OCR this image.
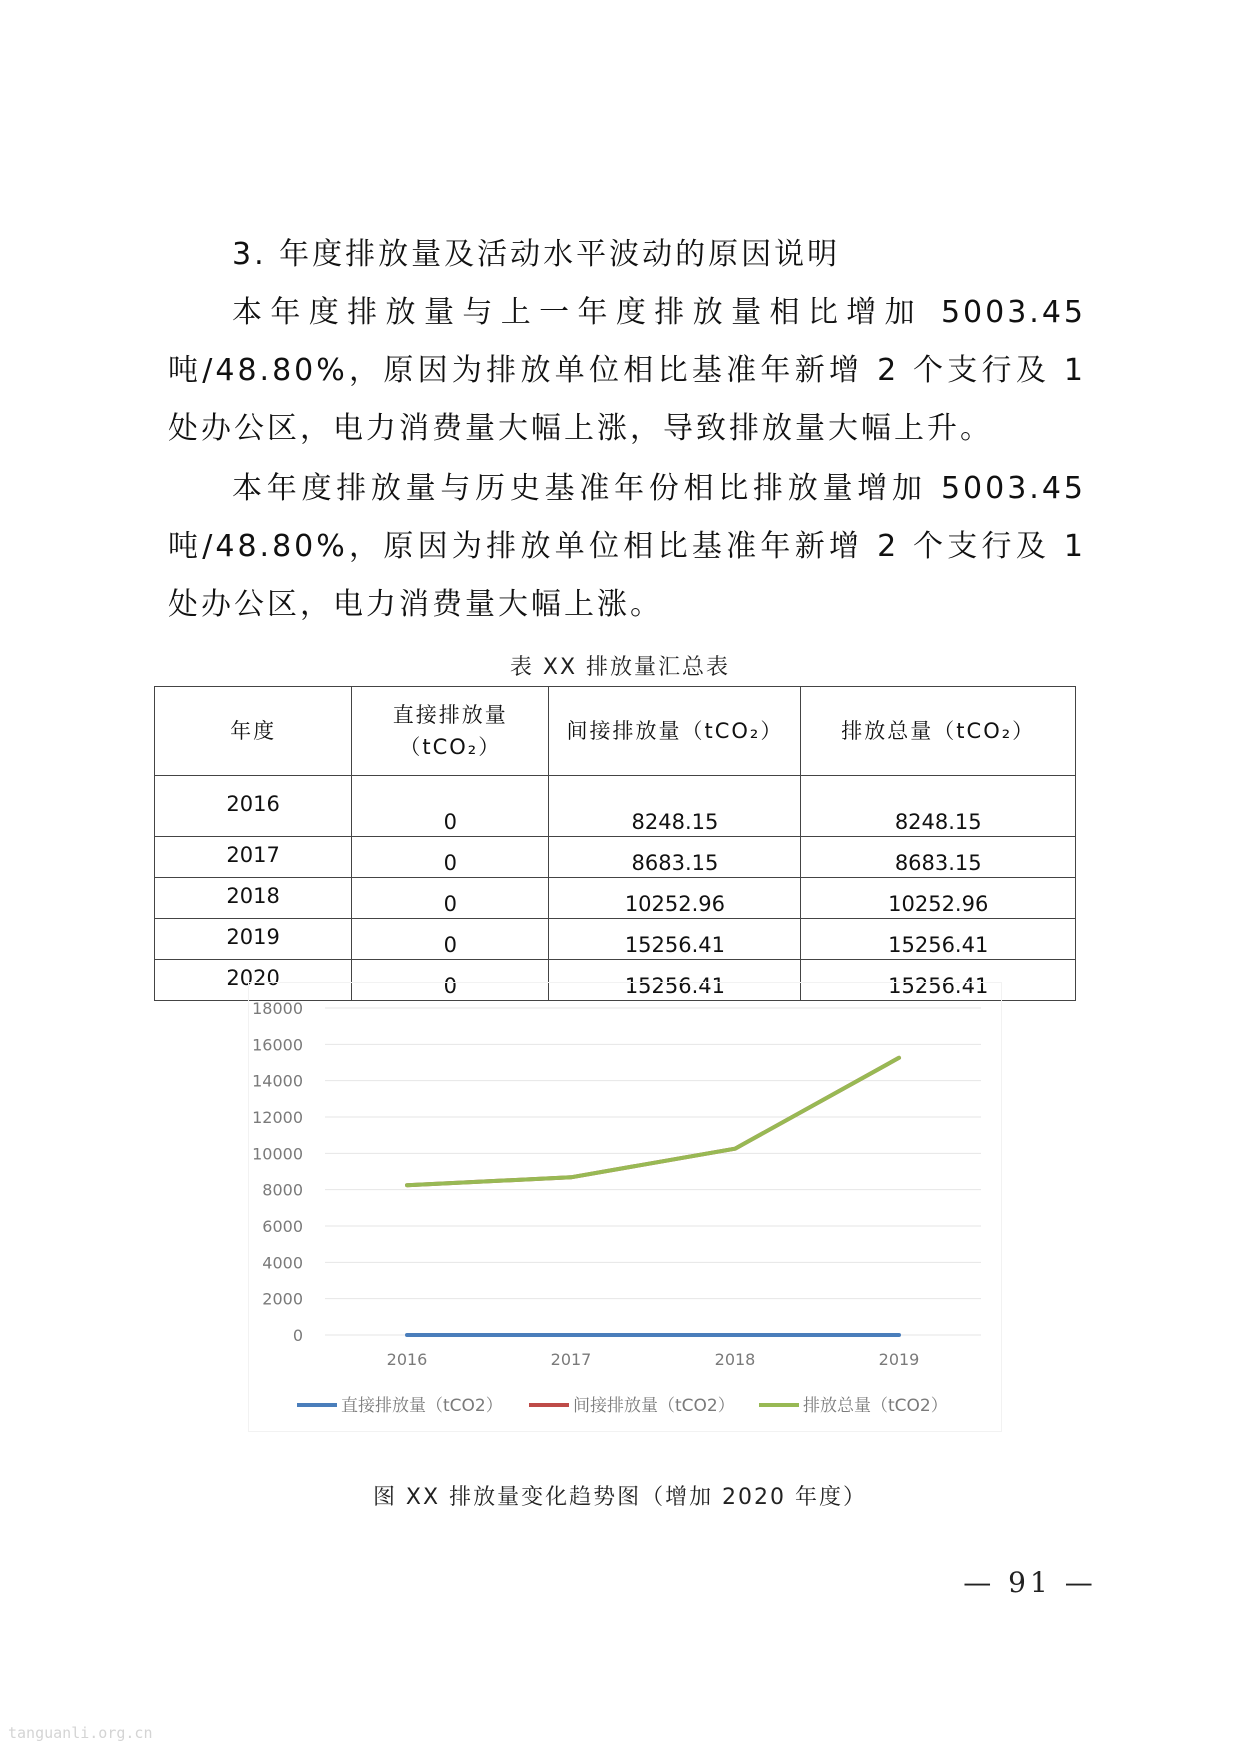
3. 年度排放量及活动水平波动的原因说明

本年度排放量与上一年度排放量相比增加 5003.45 吨/48.80%，原因为排放单位相比基准年新增 2 个支行及 1 处办公区，电力消费量大幅上涨，导致排放量大幅上升。

本年度排放量与历史基准年份相比排放量增加 5003.45 吨/48.80%，原因为排放单位相比基准年新增 2 个支行及 1 处办公区，电力消费量大幅上涨。

表 XX 排放量汇总表
年度	直接排放量（tCO₂）	间接排放量（tCO₂）	排放总量（tCO₂）
2016	0	8248.15	8248.15
2017	0	8683.15	8683.15
2018	0	10252.96	10252.96
2019	0	15256.41	15256.41
2020	0	15256.41	15256.41
0
2000
4000
6000
8000
10000
12000
14000
16000
18000
2016	2017	2018	2019
直接排放量（tCO2）	间接排放量（tCO2）	排放总量（tCO2）
图 XX 排放量变化趋势图（增加 2020 年度）
— 91 —
tanguanli.org.cn
